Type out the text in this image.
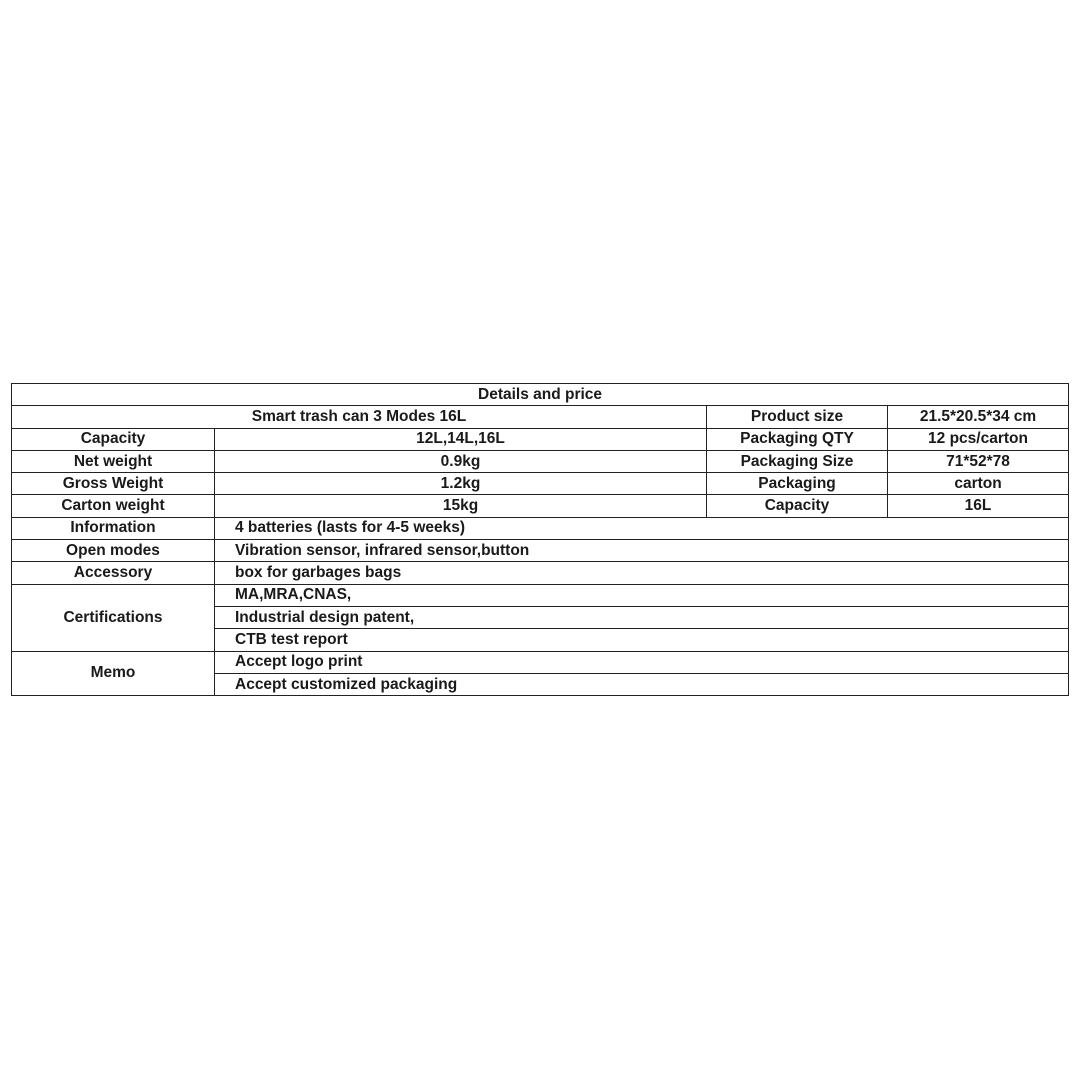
Details and price			
Smart trash can 3 Modes 16L		Product size	21.5*20.5*34 cm
Capacity	12L,14L,16L	Packaging QTY	12 pcs/carton
Net weight	0.9kg	Packaging Size	71*52*78
Gross Weight	1.2kg	Packaging	carton
Carton weight	15kg	Capacity	16L
Information	4 batteries (lasts for 4-5 weeks)		
Open modes	Vibration sensor, infrared sensor,button		
Accessory	box for garbages bags		
Certifications	MA,MRA,CNAS,		
	Industrial design patent,		
	CTB test report		
Memo	Accept logo print		
	Accept customized packaging		
